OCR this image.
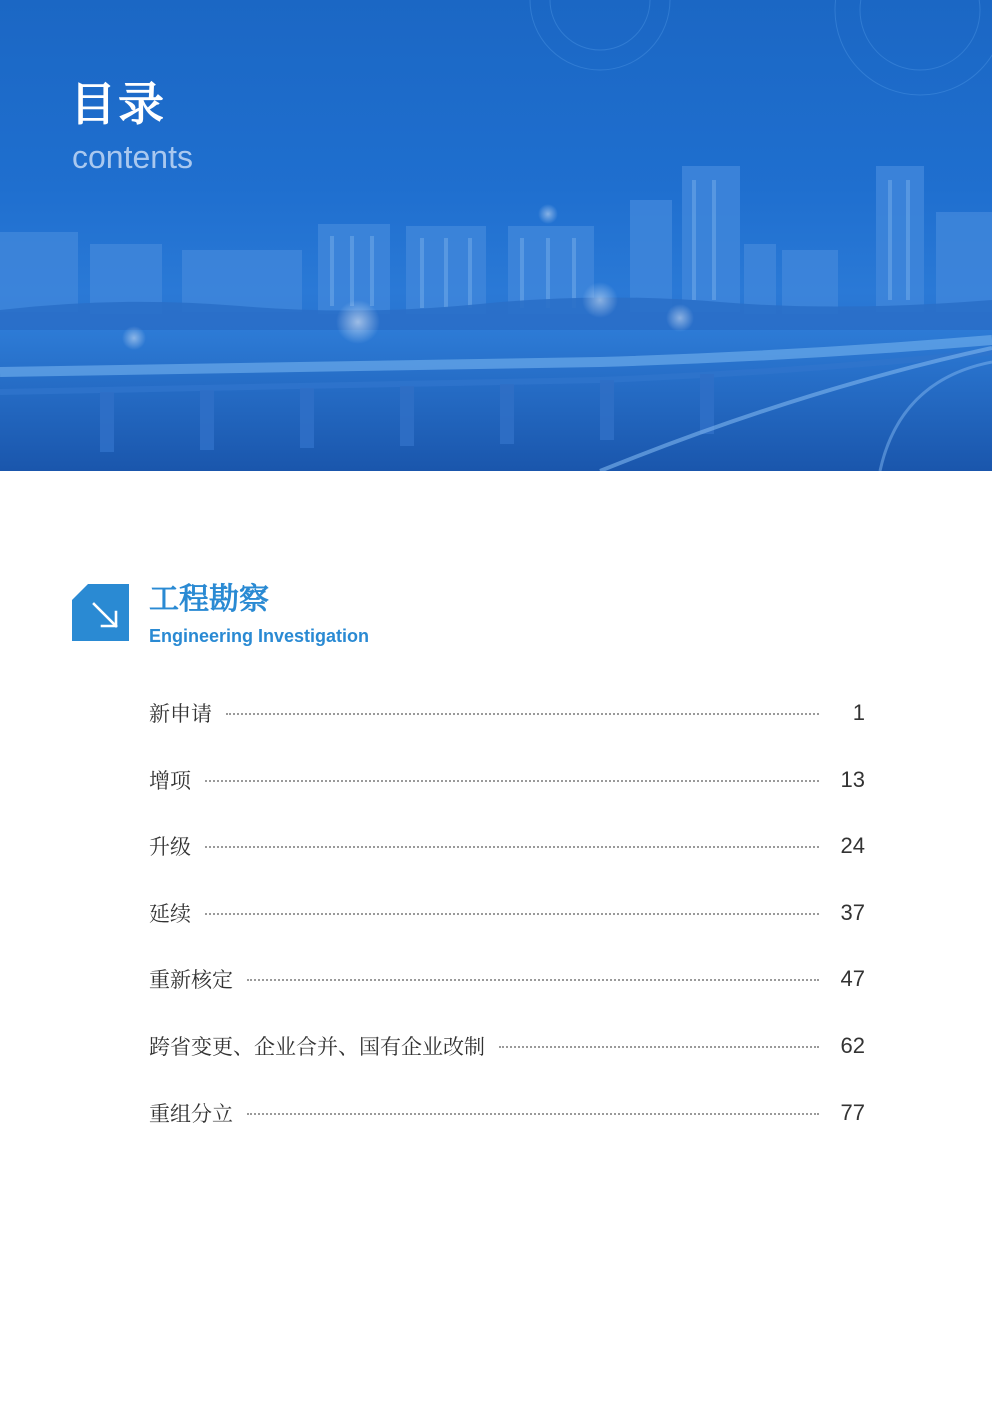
目录
contents
工程勘察
Engineering Investigation
新申请	1
增项	13
升级	24
延续	37
重新核定	47
跨省变更、企业合并、国有企业改制	62
重组分立	77
